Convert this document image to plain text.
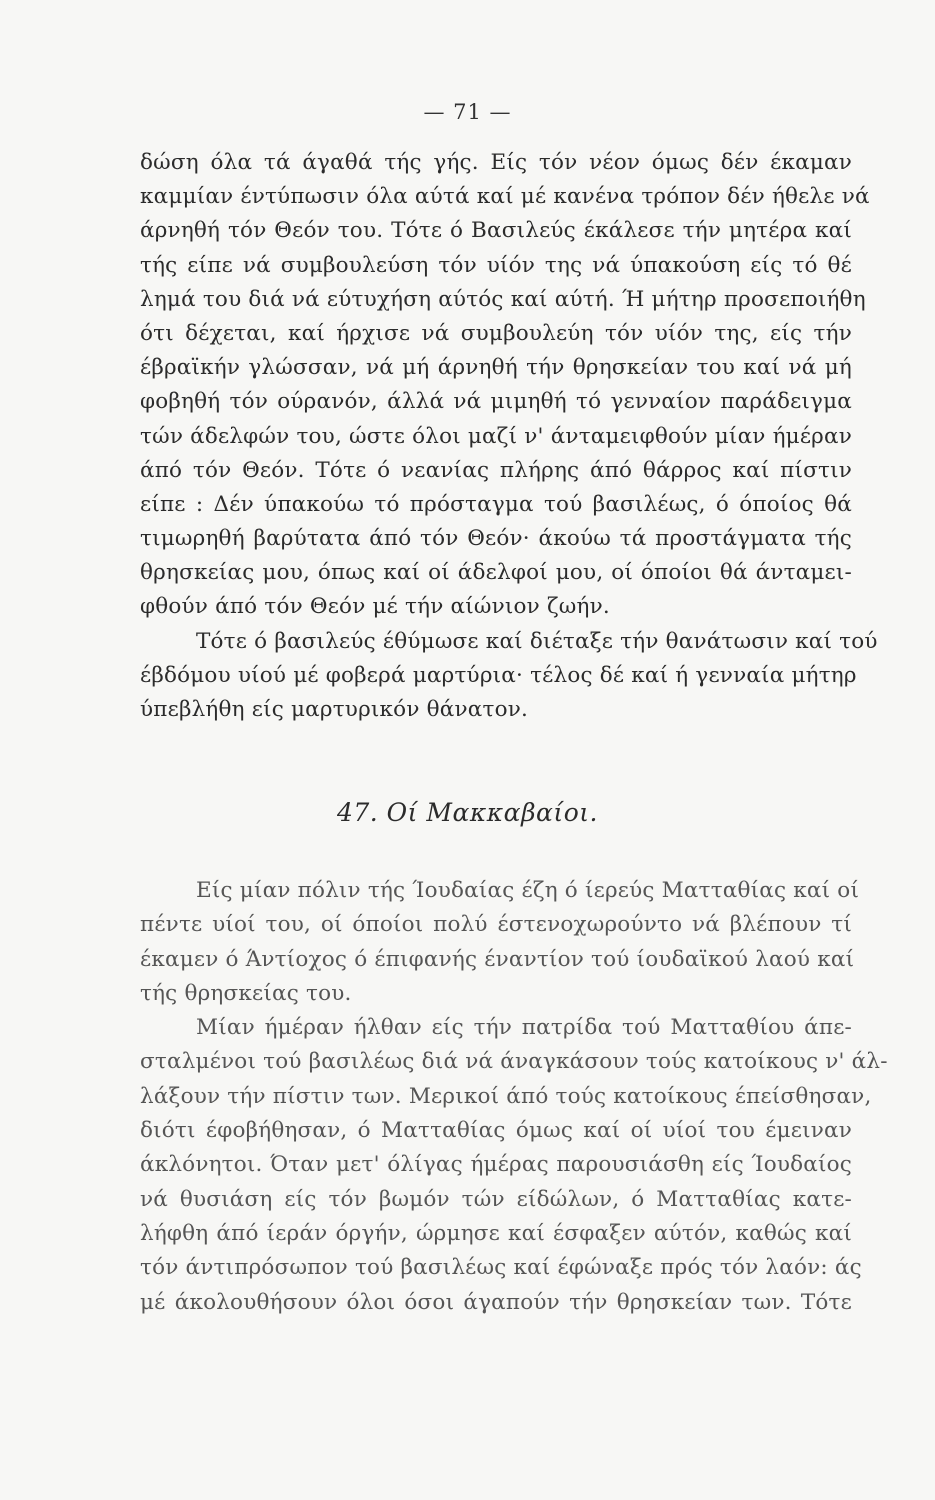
— 71 —
δώση όλα τά άγαθά τής γής. Είς τόν νέον όμως δέν έκαμαν
καμμίαν έντύπωσιν όλα αύτά καί μέ κανένα τρόπον δέν ήθελε νά
άρνηθή τόν Θεόν του. Τότε ό Βασιλεύς έκάλεσε τήν μητέρα καί
τής είπε νά συμβουλεύση τόν υίόν της νά ύπακούση είς τό θέ
λημά του διά νά εύτυχήση αύτός καί αύτή. Ή μήτηρ προσεποιήθη
ότι δέχεται, καί ήρχισε νά συμβουλεύη τόν υίόν της, είς τήν
έβραϊκήν γλώσσαν, νά μή άρνηθή τήν θρησκείαν του καί νά μή
φοβηθή τόν ούρανόν, άλλά νά μιμηθή τό γενναίον παράδειγμα
τών άδελφών του, ώστε όλοι μαζί ν' άνταμειφθούν μίαν ήμέραν
άπό τόν Θεόν. Τότε ό νεανίας πλήρης άπό θάρρος καί πίστιν
είπε : Δέν ύπακούω τό πρόσταγμα τού βασιλέως, ό όποίος θά
τιμωρηθή βαρύτατα άπό τόν Θεόν· άκούω τά προστάγματα τής
θρησκείας μου, όπως καί οί άδελφοί μου, οί όποίοι θά άνταμει-
φθούν άπό τόν Θεόν μέ τήν αίώνιον ζωήν.
Τότε ό βασιλεύς έθύμωσε καί διέταξε τήν θανάτωσιν καί τού
έβδόμου υίού μέ φοβερά μαρτύρια· τέλος δέ καί ή γενναία μήτηρ
ύπεβλήθη είς μαρτυρικόν θάνατον.
47. Οί Μακκαβαίοι.
Είς μίαν πόλιν τής Ίουδαίας έζη ό ίερεύς Ματταθίας καί οί
πέντε υίοί του, οί όποίοι πολύ έστενοχωρούντο νά βλέπουν τί
έκαμεν ό Άντίοχος ό έπιφανής έναντίον τού ίουδαϊκού λαού καί
τής θρησκείας του.
Μίαν ήμέραν ήλθαν είς τήν πατρίδα τού Ματταθίου άπε-
σταλμένοι τού βασιλέως διά νά άναγκάσουν τούς κατοίκους ν' άλ-
λάξουν τήν πίστιν των. Μερικοί άπό τούς κατοίκους έπείσθησαν,
διότι έφοβήθησαν, ό Ματταθίας όμως καί οί υίοί του έμειναν
άκλόνητοι. Όταν μετ' όλίγας ήμέρας παρουσιάσθη είς Ίουδαίος
νά θυσιάση είς τόν βωμόν τών είδώλων, ό Ματταθίας κατε-
λήφθη άπό ίεράν όργήν, ώρμησε καί έσφαξεν αύτόν, καθώς καί
τόν άντιπρόσωπον τού βασιλέως καί έφώναξε πρός τόν λαόν: άς
μέ άκολουθήσουν όλοι όσοι άγαπούν τήν θρησκείαν των. Τότε
